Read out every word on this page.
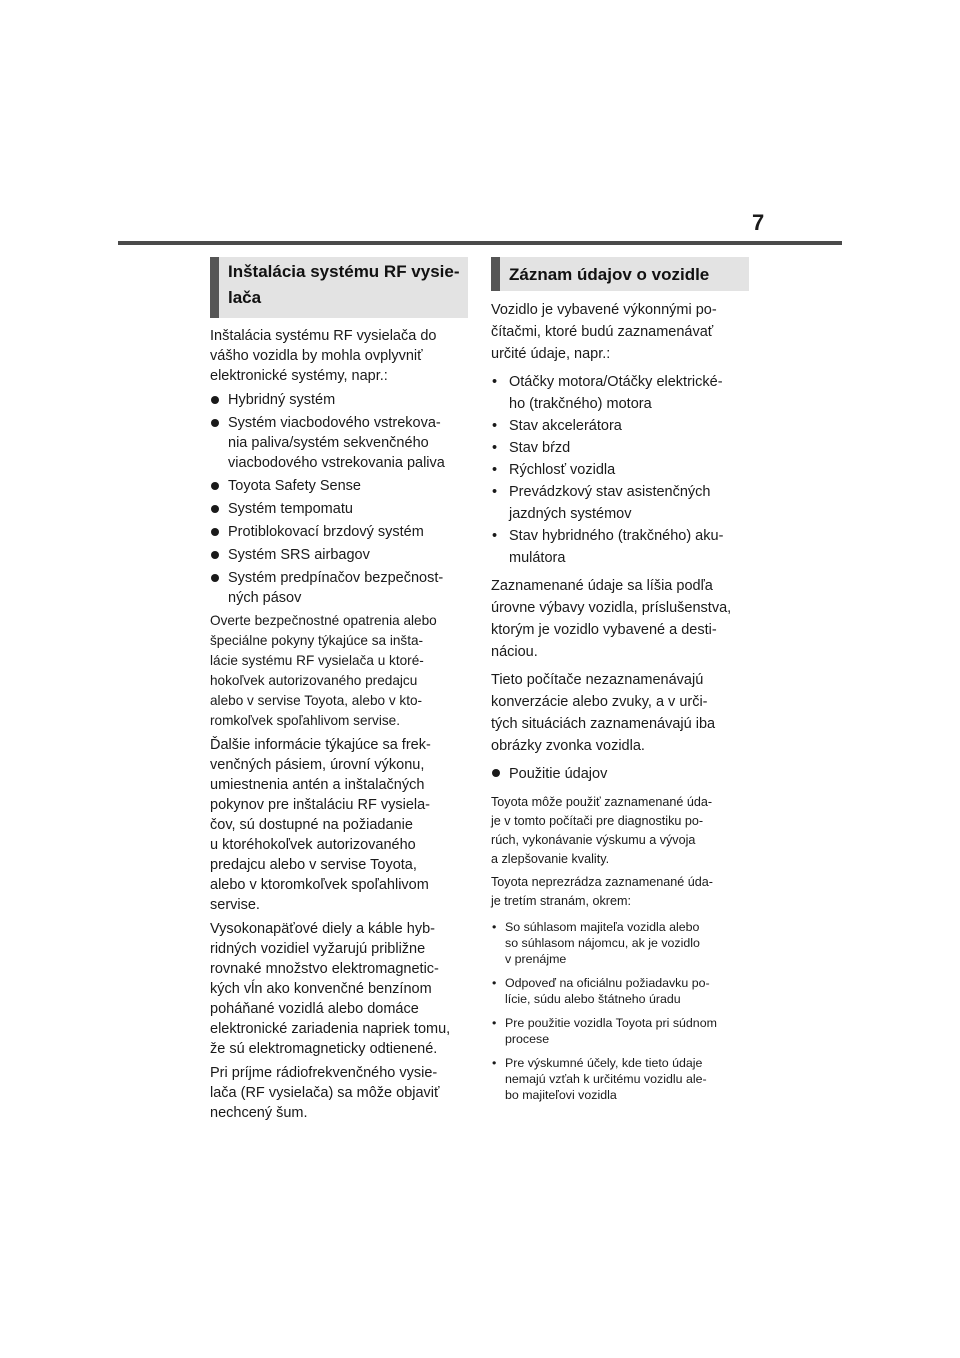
7
Inštalácia systému RF vysie-
lača
Inštalácia systému RF vysielača do
vášho vozidla by mohla ovplyvniť
elektronické systémy, napr.:
Hybridný systém
Systém viacbodového vstrekova-
nia paliva/systém sekvenčného
viacbodového vstrekovania paliva
Toyota Safety Sense
Systém tempomatu
Protiblokovací brzdový systém
Systém SRS airbagov
Systém predpínačov bezpečnost-
ných pásov
Overte bezpečnostné opatrenia alebo
špeciálne pokyny týkajúce sa inšta-
lácie systému RF vysielača u ktoré-
hokoľvek autorizovaného predajcu
alebo v servise Toyota, alebo v kto-
romkoľvek spoľahlivom servise.
Ďalšie informácie týkajúce sa frek-
venčných pásiem, úrovní výkonu,
umiestnenia antén a inštalačných
pokynov pre inštaláciu RF vysiela-
čov, sú dostupné na požiadanie
u ktoréhokoľvek autorizovaného
predajcu alebo v servise Toyota,
alebo v ktoromkoľvek spoľahlivom
servise.
Vysokonapäťové diely a káble hyb-
ridných vozidiel vyžarujú približne
rovnaké množstvo elektromagnetic-
kých vĺn ako konvenčné benzínom
poháňané vozidlá alebo domáce
elektronické zariadenia napriek tomu,
že sú elektromagneticky odtienené.
Pri príjme rádiofrekvenčného vysie-
lača (RF vysielača) sa môže objaviť
nechcený šum.
Záznam údajov o vozidle
Vozidlo je vybavené výkonnými po-
čítačmi, ktoré budú zaznamenávať
určité údaje, napr.:
• Otáčky motora/Otáčky elektrické-
ho (trakčného) motora
• Stav akcelerátora
• Stav bŕzd
• Rýchlosť vozidla
• Prevádzkový stav asistenčných
jazdných systémov
• Stav hybridného (trakčného) aku-
mulátora
Zaznamenané údaje sa líšia podľa
úrovne výbavy vozidla, príslušenstva,
ktorým je vozidlo vybavené a desti-
náciou.
Tieto počítače nezaznamenávajú
konverzácie alebo zvuky, a v urči-
tých situáciách zaznamenávajú iba
obrázky zvonka vozidla.
Použitie údajov
Toyota môže použiť zaznamenané úda-
je v tomto počítači pre diagnostiku po-
rúch, vykonávanie výskumu a vývoja
a zlepšovanie kvality.
Toyota neprezrádza zaznamenané úda-
je tretím stranám, okrem:
• So súhlasom majiteľa vozidla alebo
so súhlasom nájomcu, ak je vozidlo
v prenájme
• Odpoveď na oficiálnu požiadavku po-
lície, súdu alebo štátneho úradu
• Pre použitie vozidla Toyota pri súdnom
procese
• Pre výskumné účely, kde tieto údaje
nemajú vzťah k určitému vozidlu ale-
bo majiteľovi vozidla
